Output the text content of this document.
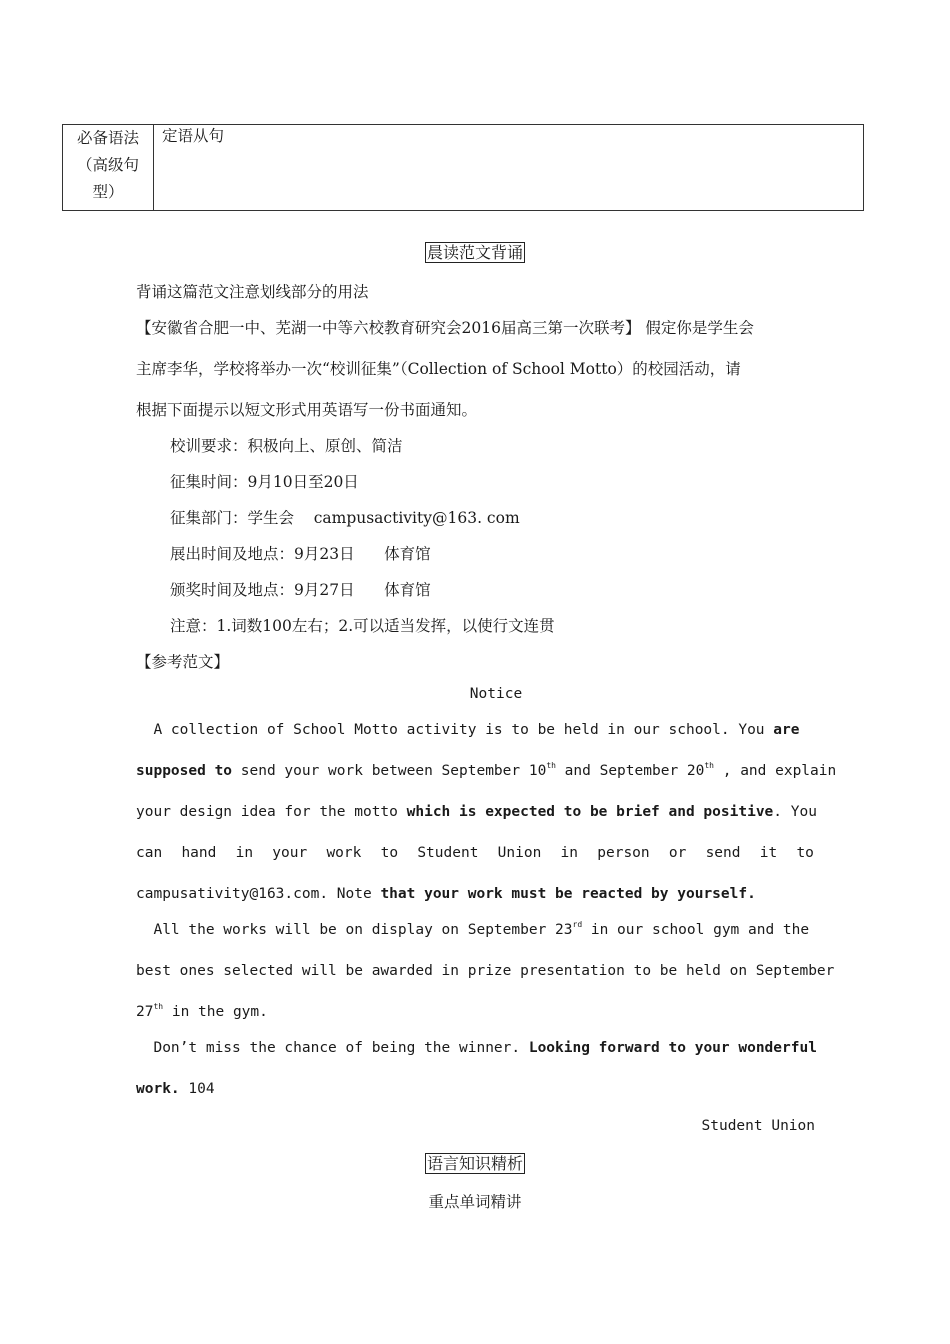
必备语法
（高级句
型）
	定语从句
晨读范文背诵
背诵这篇范文注意划线部分的用法
【安徽省合肥一中、芜湖一中等六校教育研究会2016届高三第一次联考】 假定你是学生会
主席李华，学校将举办一次“校训征集”（Collection of School Motto）的校园活动，请
根据下面提示以短文形式用英语写一份书面通知。
校训要求：积极向上、原创、简洁
征集时间：9月10日至20日
征集部门：学生会    campusactivity@163. com
展出时间及地点：9月23日      体育馆
颁奖时间及地点：9月27日      体育馆
注意：1.词数100左右；2.可以适当发挥，以使行文连贯
【参考范文】
Notice
A collection of School Motto activity is to be held in our school. You are
supposed to send your work between September 10th and September 20th , and explain
your design idea for the motto which is expected to be brief and positive. You
can hand in your work to Student Union in person or send it to
campusativity@163.com. Note that your work must be reacted by yourself.
All the works will be on display on September 23rd in our school gym and the
best ones selected will be awarded in prize presentation to be held on September
27th in the gym.
Don’t miss the chance of being the winner. Looking forward to your wonderful
work. 104
Student Union
语言知识精析
重点单词精讲
